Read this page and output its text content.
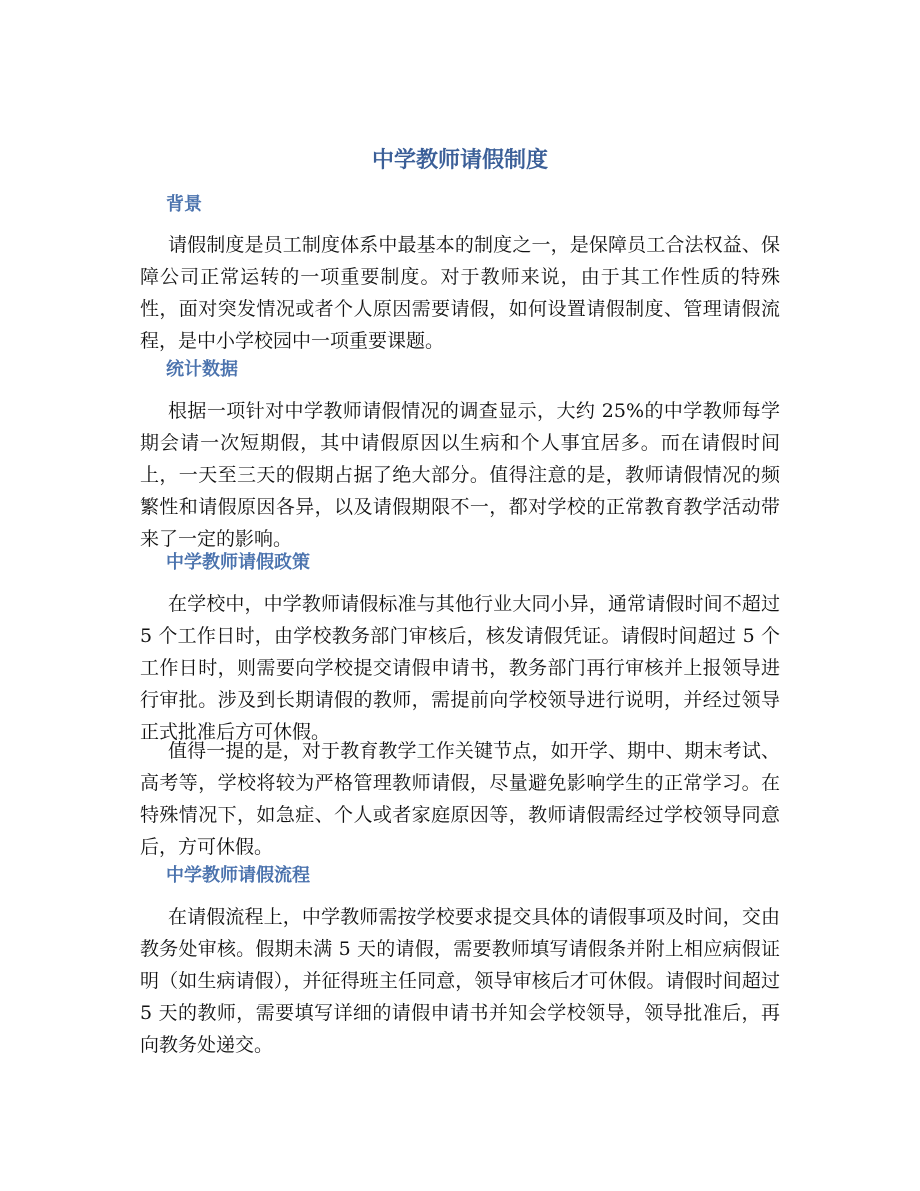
中学教师请假制度
背景

请假制度是员工制度体系中最基本的制度之一，是保障员工合法权益、保障公司正常运转的一项重要制度。对于教师来说，由于其工作性质的特殊性，面对突发情况或者个人原因需要请假，如何设置请假制度、管理请假流程，是中小学校园中一项重要课题。

统计数据

根据一项针对中学教师请假情况的调查显示，大约 25%的中学教师每学期会请一次短期假，其中请假原因以生病和个人事宜居多。而在请假时间上，一天至三天的假期占据了绝大部分。值得注意的是，教师请假情况的频繁性和请假原因各异，以及请假期限不一，都对学校的正常教育教学活动带来了一定的影响。

中学教师请假政策

在学校中，中学教师请假标准与其他行业大同小异，通常请假时间不超过 5 个工作日时，由学校教务部门审核后，核发请假凭证。请假时间超过 5 个工作日时，则需要向学校提交请假申请书，教务部门再行审核并上报领导进行审批。涉及到长期请假的教师，需提前向学校领导进行说明，并经过领导正式批准后方可休假。

值得一提的是，对于教育教学工作关键节点，如开学、期中、期末考试、高考等，学校将较为严格管理教师请假，尽量避免影响学生的正常学习。在特殊情况下，如急症、个人或者家庭原因等，教师请假需经过学校领导同意后，方可休假。

中学教师请假流程

在请假流程上，中学教师需按学校要求提交具体的请假事项及时间，交由教务处审核。假期未满 5 天的请假，需要教师填写请假条并附上相应病假证明（如生病请假），并征得班主任同意，领导审核后才可休假。请假时间超过 5 天的教师，需要填写详细的请假申请书并知会学校领导，领导批准后，再向教务处递交。
